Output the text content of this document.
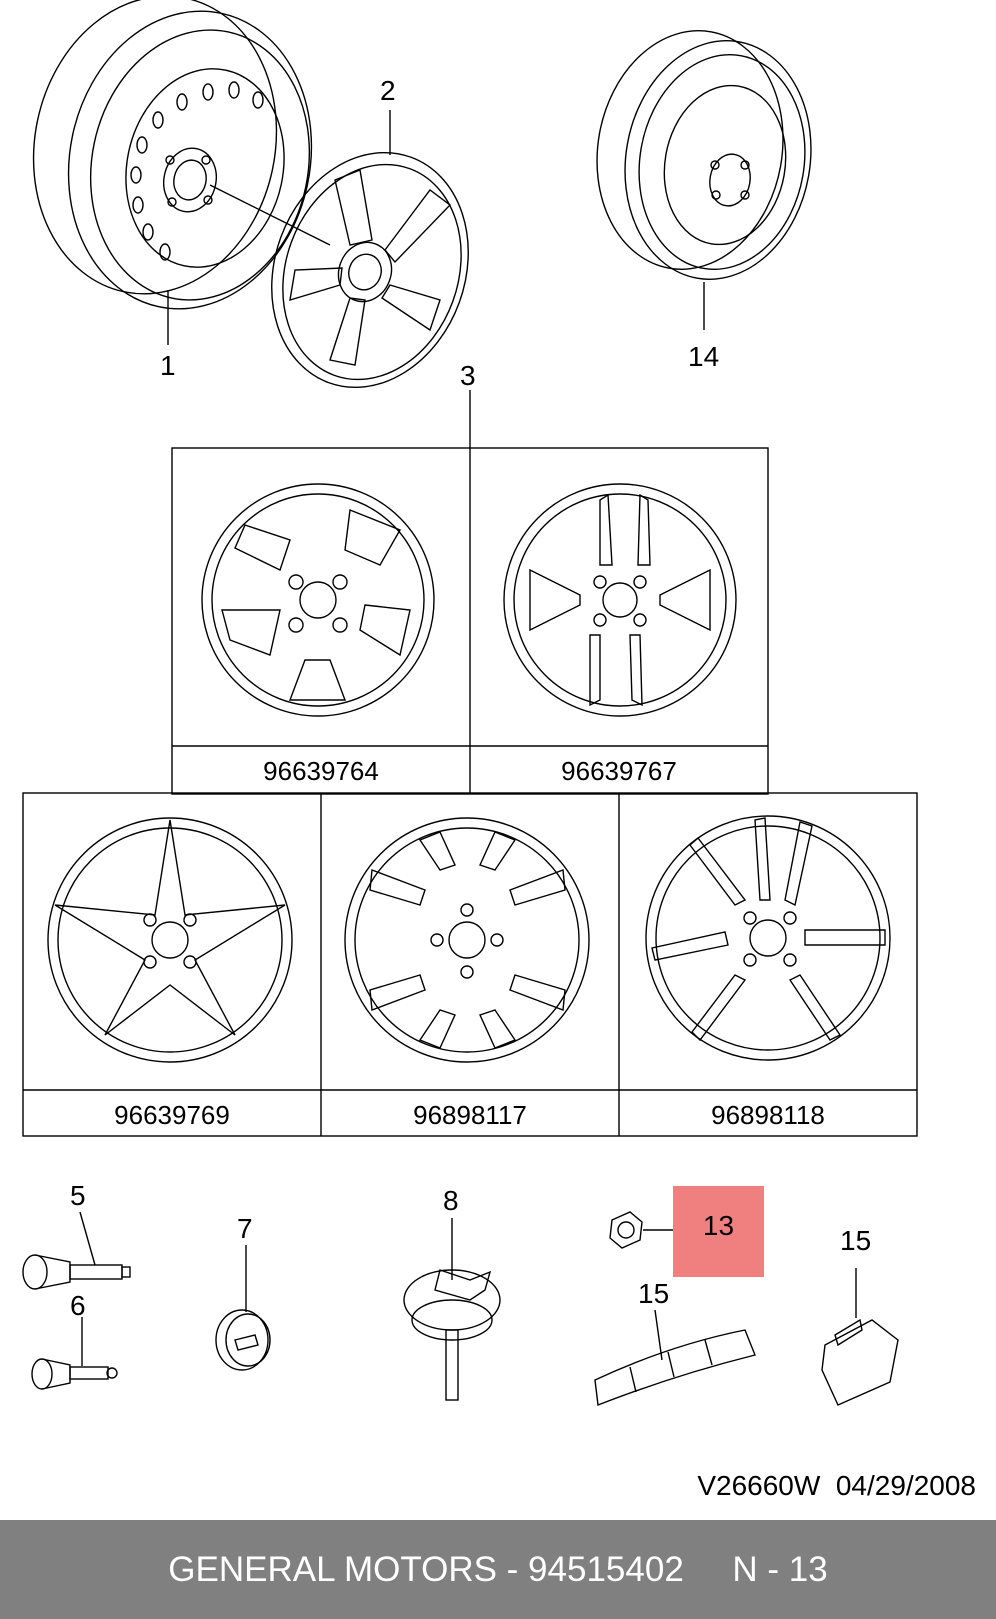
1
2
14
3
5
6
7
8
15
15
96639764	96639767
96639769	96898117	96898118
13
V26660W  04/29/2008
GENERAL MOTORS - 94515402     N - 13
